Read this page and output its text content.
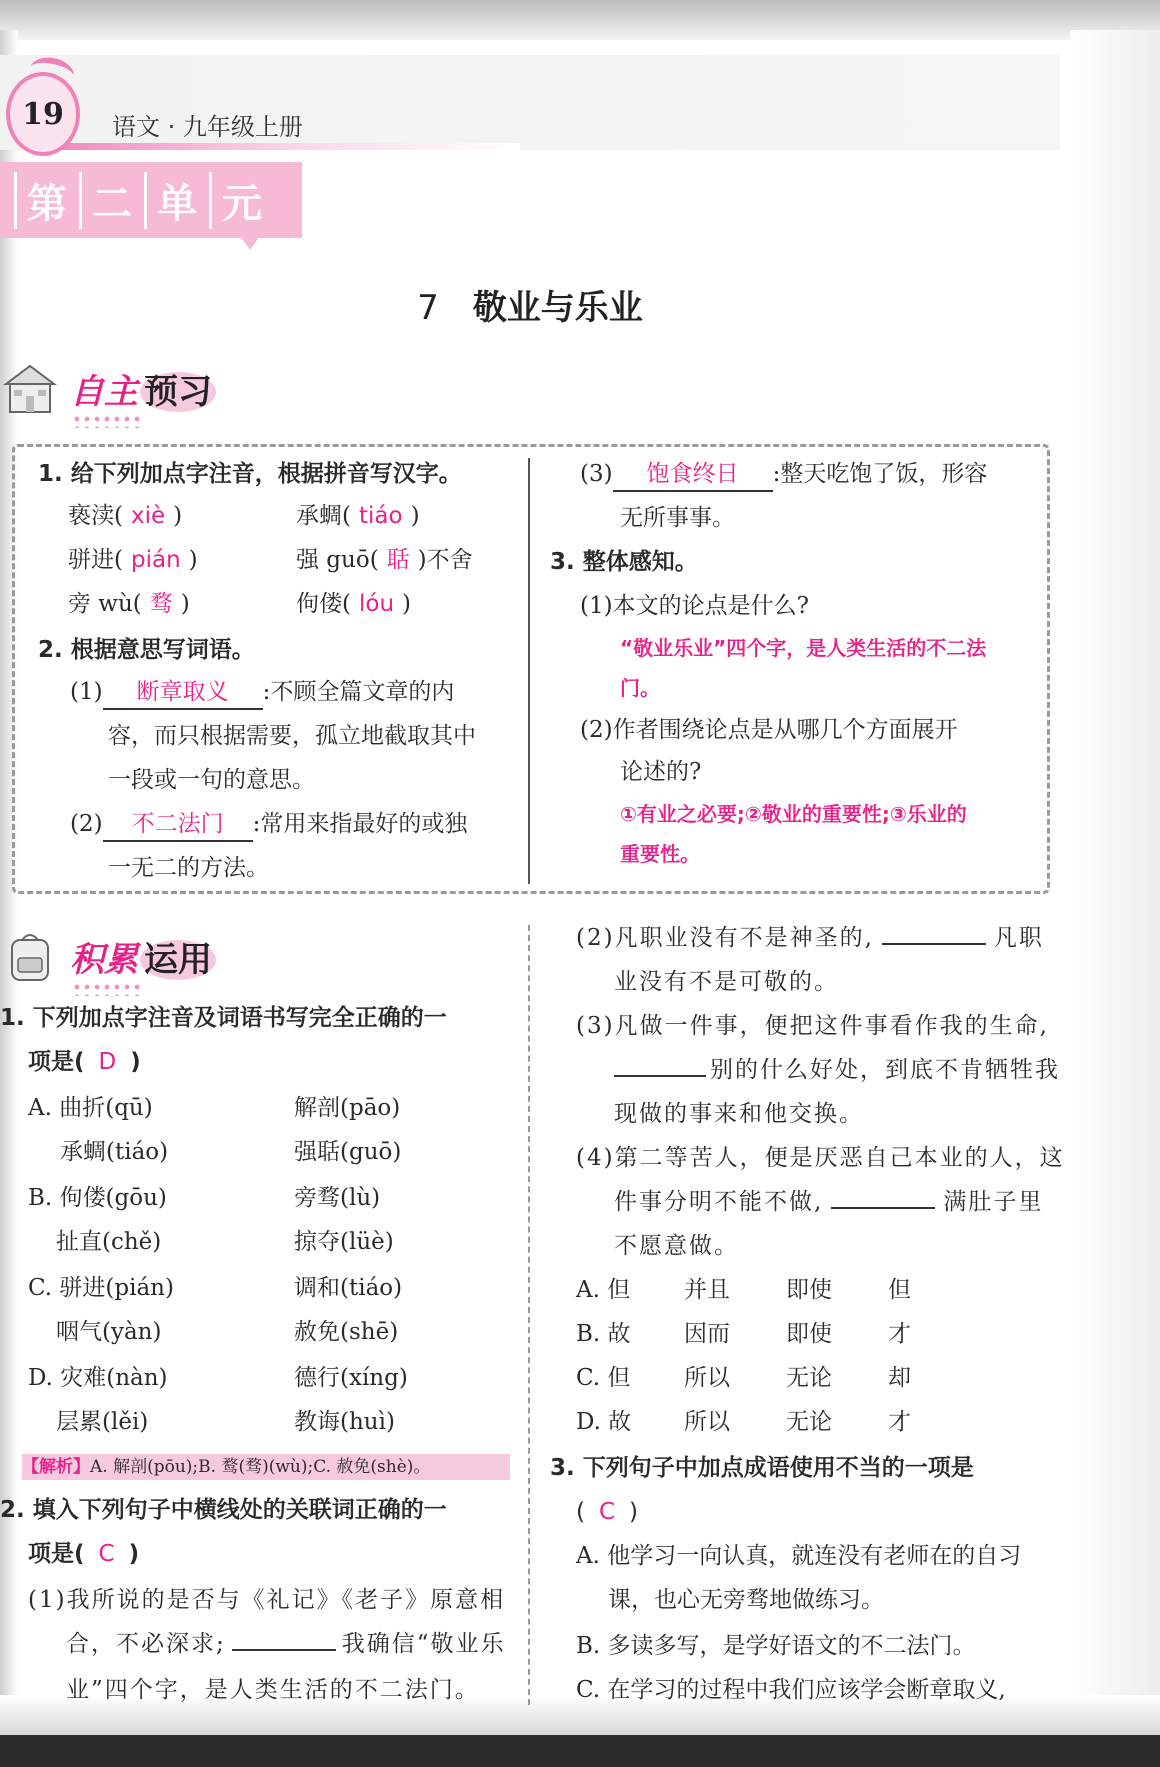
19 语文 · 九年级上册
第 二 单 元
7 敬业与乐业
自主 预习
1. 给下列加点字注音，根据拼音写汉字。
亵渎( xiè )	承蜩( tiáo )
骈进( pián )	强 guō( 聒 )不舍
旁 wù( 骛 )	佝偻( lóu )
2. 根据意思写词语。
(1) 断章取义 :不顾全篇文章的内
容，而只根据需要，孤立地截取其中
一段或一句的意思。
(2) 不二法门 :常用来指最好的或独
一无二的方法。
(3) 饱食终日 :整天吃饱了饭，形容
无所事事。
3. 整体感知。
(1)本文的论点是什么?
“敬业乐业”四个字，是人类生活的不二法
门。
(2)作者围绕论点是从哪几个方面展开
论述的?
①有业之必要;②敬业的重要性;③乐业的
重要性。
积累 运用
1. 下列加点字注音及词语书写完全正确的一
项是( D )
A. 曲折(qū)	解剖(pāo)
承蜩(tiáo)	强聒(guō)
B. 佝偻(gōu)	旁骛(lù)
扯直(chě)	掠夺(lüè)
C. 骈进(pián)	调和(tiáo)
咽气(yàn)	赦免(shē)
D. 灾难(nàn)	德行(xíng)
层累(lěi)	教诲(huì)
【解析】A. 解剖(pōu);B. 鹜(骛)(wù);C. 赦免(shè)。
2. 填入下列句子中横线处的关联词正确的一
项是( C )
(1)我所说的是否与《礼记》《老子》原意相
合，不必深求;	我确信“敬业乐
业”四个字，是人类生活的不二法门。
(2)凡职业没有不是神圣的,	凡职
业没有不是可敬的。
(3)凡做一件事，便把这件事看作我的生命,
别的什么好处，到底不肯牺牲我
现做的事来和他交换。
(4)第二等苦人，便是厌恶自己本业的人，这
件事分明不能不做,	满肚子里
不愿意做。
A. 但 并且 即使 但
B. 故 因而 即使 才
C. 但 所以 无论 却
D. 故 所以 无论 才
3. 下列句子中加点成语使用不当的一项是
( C )
A. 他学习一向认真，就连没有老师在的自习
课，也心无旁骛地做练习。
B. 多读多写，是学好语文的不二法门。
C. 在学习的过程中我们应该学会断章取义,
